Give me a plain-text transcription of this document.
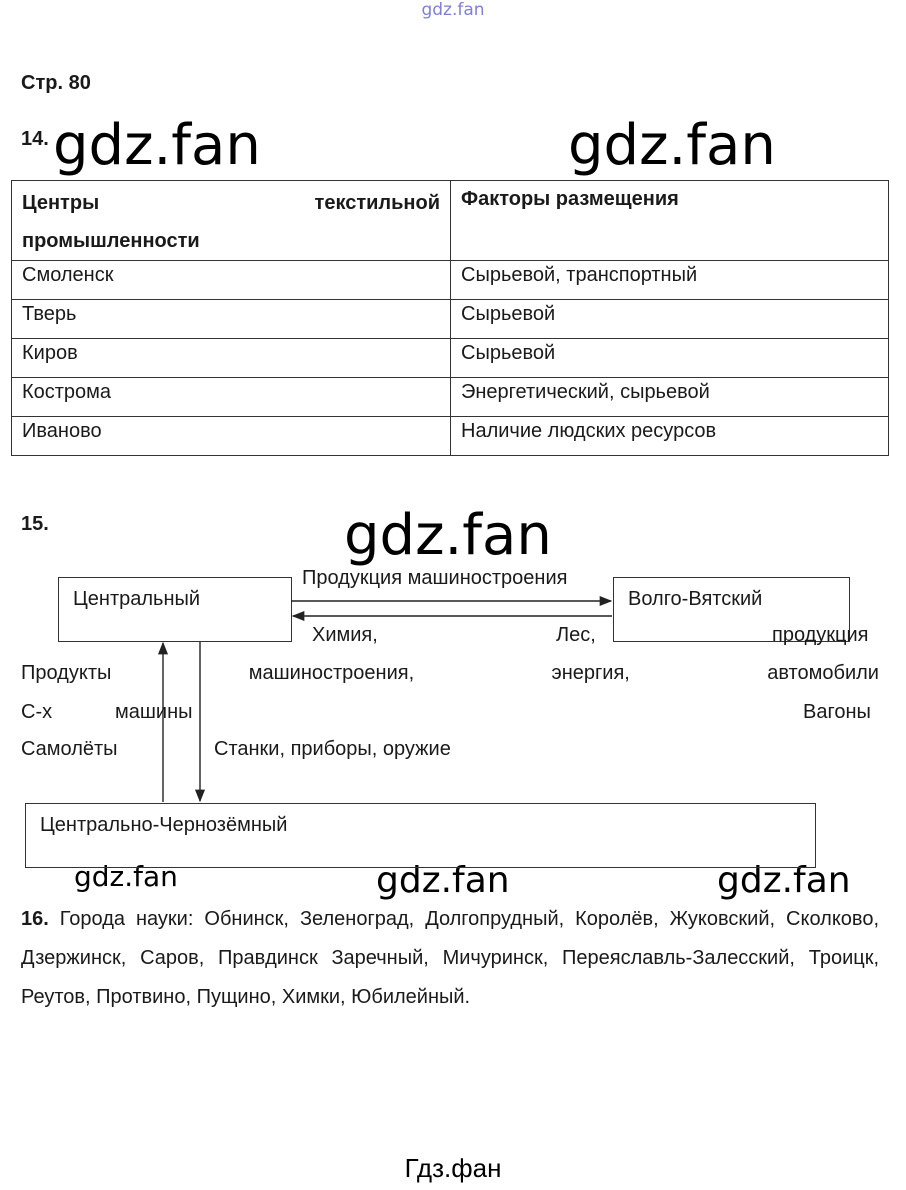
gdz.fan
gdz.fan	gdz.fan
gdz.fan
gdz.fan	gdz.fan	gdz.fan
Стр. 80
14.
Центры текстильной
промышленности	Факторы размещения

Смоленск	Сырьевой, транспортный
Тверь	Сырьевой
Киров	Сырьевой
Кострома	Энергетический, сырьевой
Иваново	Наличие людских ресурсов
15.
Центральный	Волго-Вятский
Центрально-Чернозёмный
Продукция машиностроения
Химия,	Лес,	продукция
Продукты	машиностроения,	энергия,	автомобили
С-х	машины	Вагоны
Самолёты	Станки, приборы, оружие
16. Города науки: Обнинск, Зеленоград, Долгопрудный, Королёв, Жуковский, Сколково, Дзержинск, Саров, Правдинск Заречный, Мичуринск, Переяславль-Залесский, Троицк, Реутов, Протвино, Пущино, Химки, Юбилейный.
Гдз.фан
